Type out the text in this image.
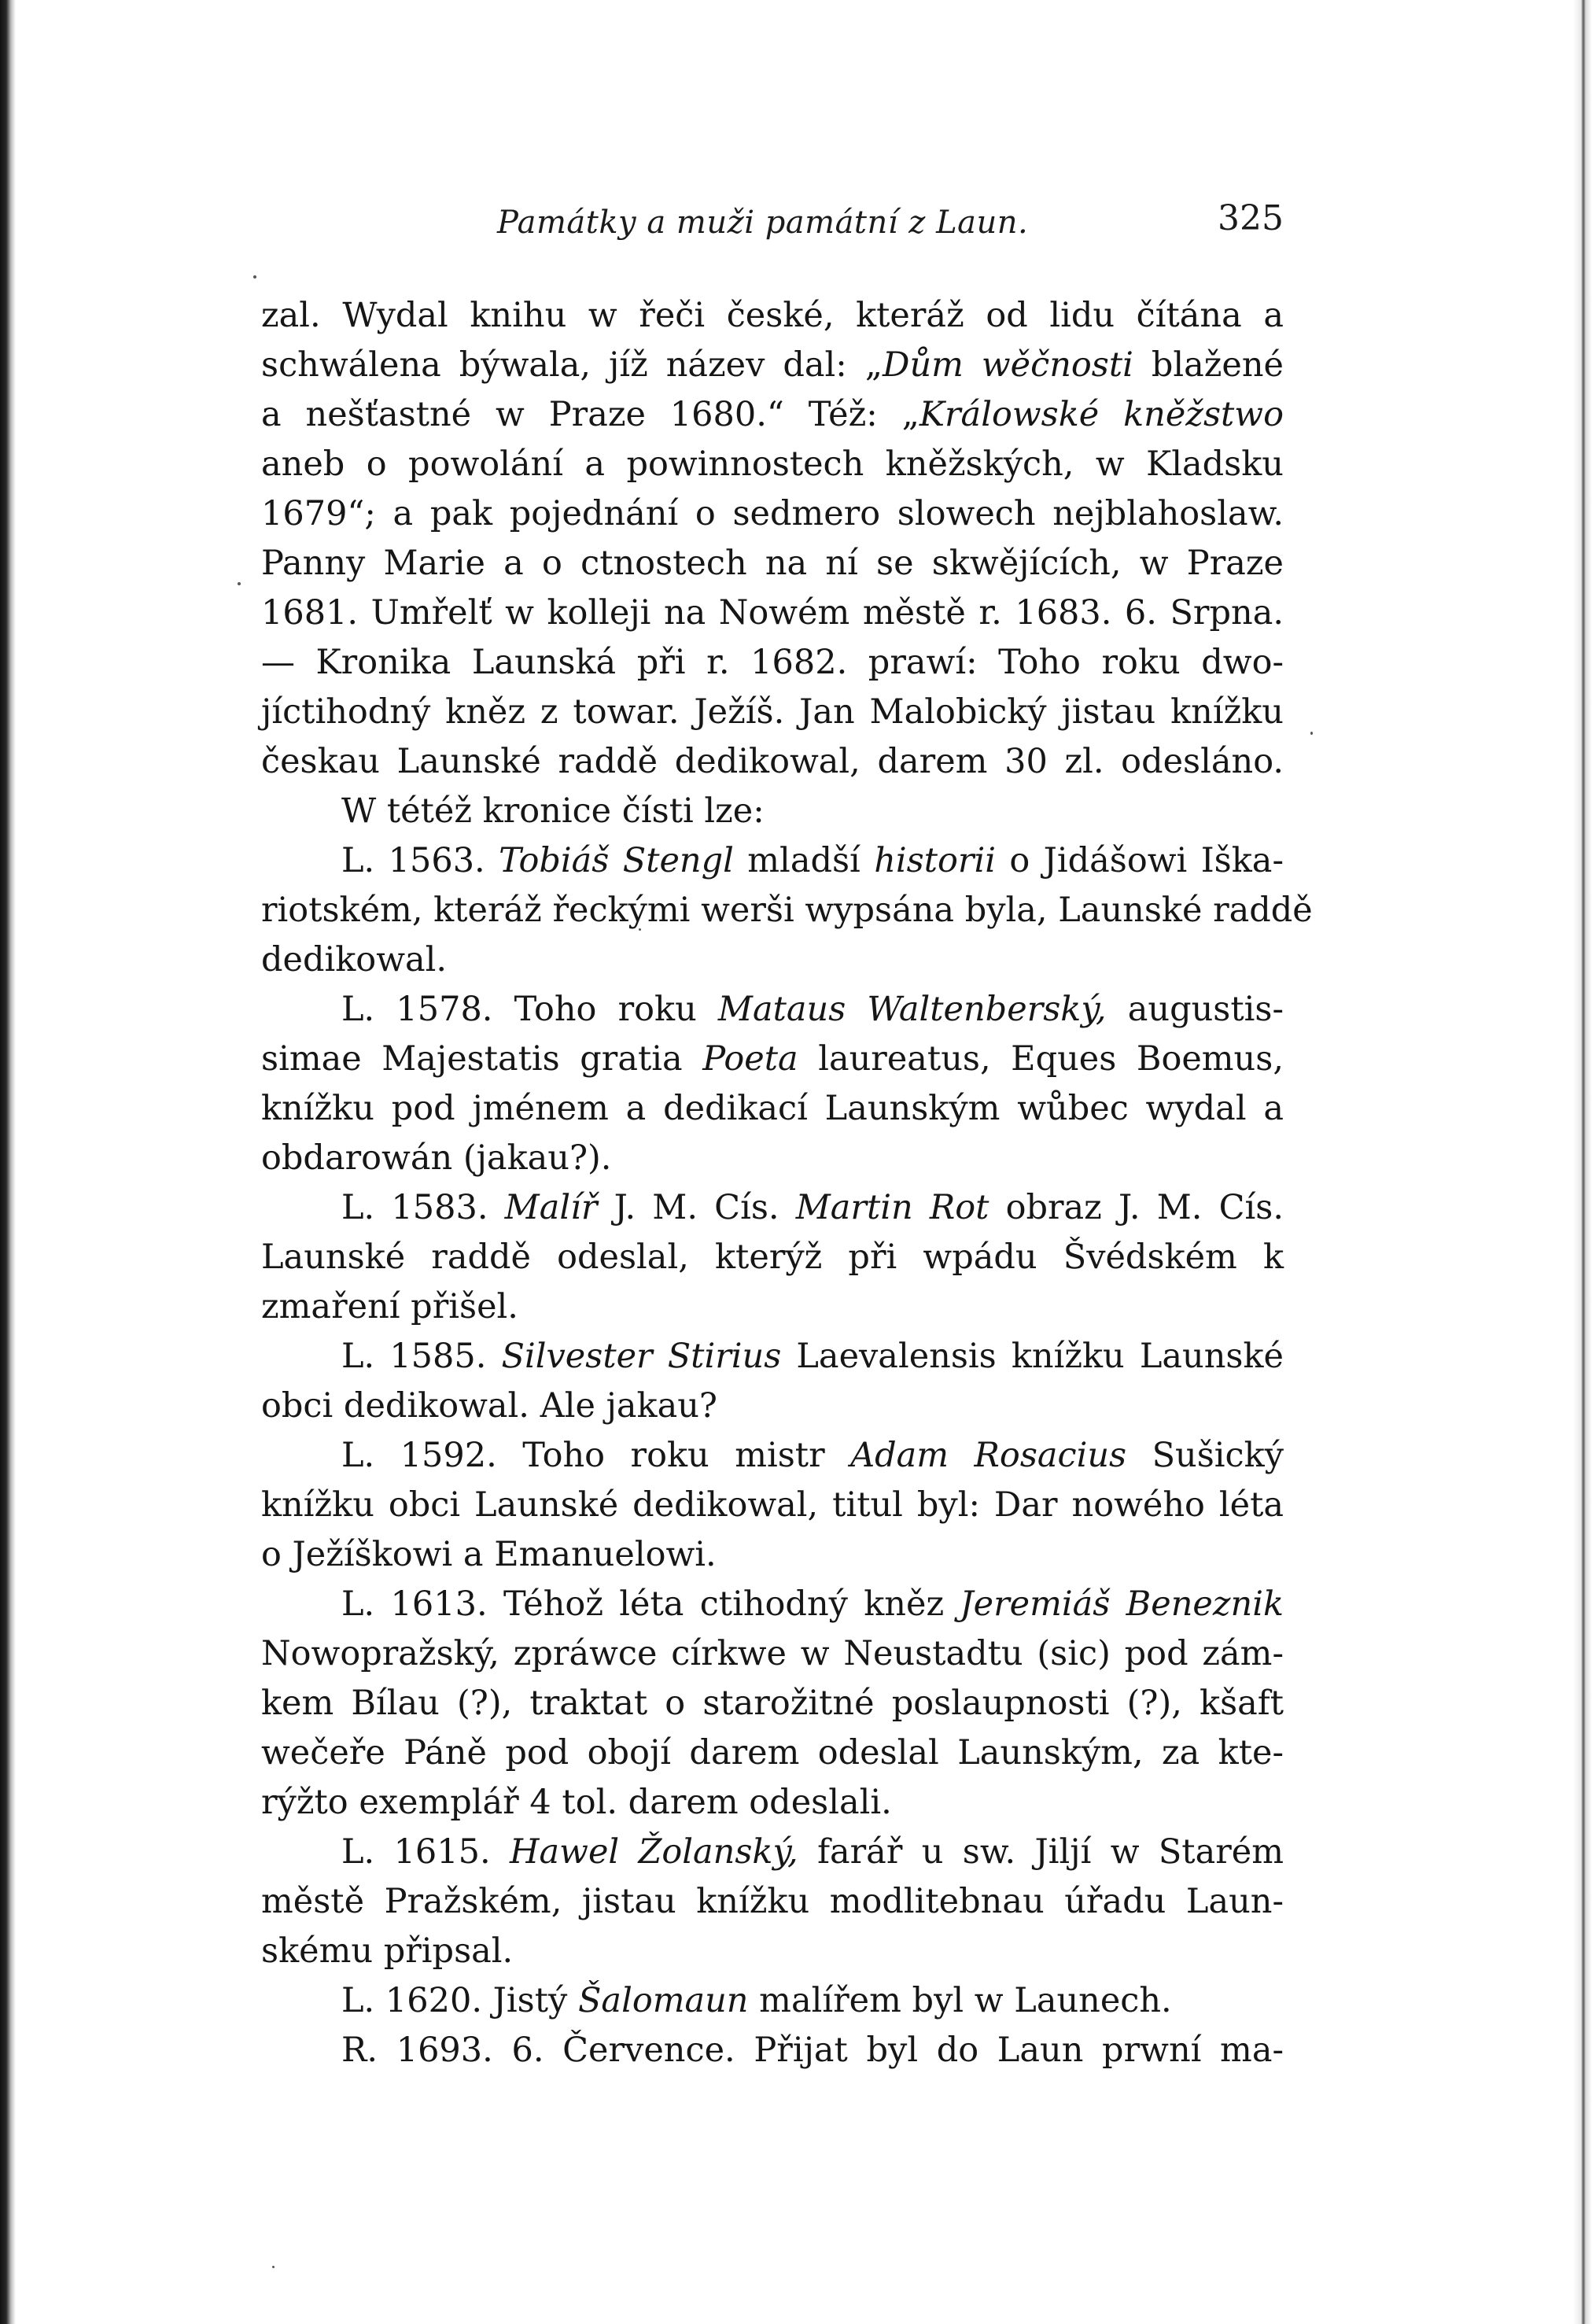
Památky a muži památní z Laun.	325
zal. Wydal knihu w řeči české, kteráž od lidu čítána a
schwálena býwala, jíž název dal: „Dům wěčnosti blažené
a nešťastné w Praze 1680.“ Též: „Králowské kněžstwo
aneb o powolání a powinnostech kněžských, w Kladsku
1679“; a pak pojednání o sedmero slowech nejblahoslaw.
Panny Marie a o ctnostech na ní se skwějících, w Praze
1681. Umřelť w kolleji na Nowém městě r. 1683. 6. Srpna.
— Kronika Launská při r. 1682. prawí: Toho roku dwo-
jíctihodný kněz z towar. Ježíš. Jan Malobický jistau knížku
českau Launské raddě dedikowal, darem 30 zl. odesláno.
W tétéž kronice čísti lze:
L. 1563. Tobiáš Stengl mladší historii o Jidášowi Iška-
riotském, kteráž řeckými werši wypsána byla, Launské raddě
dedikowal.
L. 1578. Toho roku Mataus Waltenberský, augustis-
simae Majestatis gratia Poeta laureatus, Eques Boemus,
knížku pod jménem a dedikací Launským wůbec wydal a
obdarowán (jakau?).
L. 1583. Malíř J. M. Cís. Martin Rot obraz J. M. Cís.
Launské raddě odeslal, kterýž při wpádu Švédském k
zmaření přišel.
L. 1585. Silvester Stirius Laevalensis knížku Launské
obci dedikowal. Ale jakau?
L. 1592. Toho roku mistr Adam Rosacius Sušický
knížku obci Launské dedikowal, titul byl: Dar nowého léta
o Ježíškowi a Emanuelowi.
L. 1613. Téhož léta ctihodný kněz Jeremiáš Beneznik
Nowopražský, zpráwce církwe w Neustadtu (sic) pod zám-
kem Bílau (?), traktat o starožitné poslaupnosti (?), kšaft
wečeře Páně pod obojí darem odeslal Launským, za kte-
rýžto exemplář 4 tol. darem odeslali.
L. 1615. Hawel Žolanský, farář u sw. Jiljí w Starém
městě Pražském, jistau knížku modlitebnau úřadu Laun-
skému připsal.
L. 1620. Jistý Šalomaun malířem byl w Launech.
R. 1693. 6. Července. Přijat byl do Laun prwní ma-
